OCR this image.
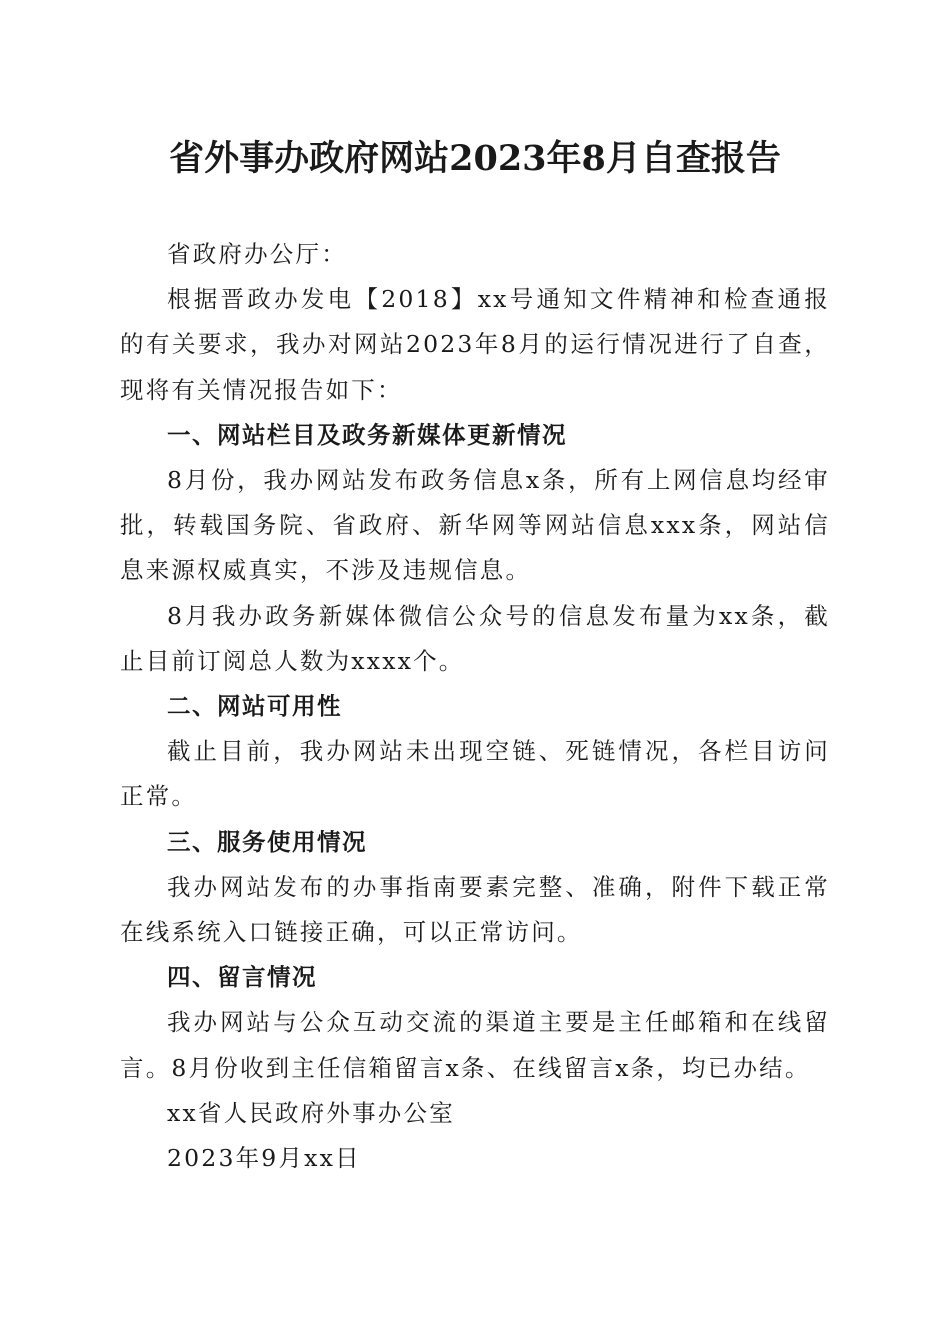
省外事办政府网站2023年8月自查报告

省政府办公厅：

根据晋政办发电【2018】xx号通知文件精神和检查通报的有关要求，我办对网站2023年8月的运行情况进行了自查，现将有关情况报告如下：

一、网站栏目及政务新媒体更新情况

8月份，我办网站发布政务信息x条，所有上网信息均经审批，转载国务院、省政府、新华网等网站信息xxx条，网站信息来源权威真实，不涉及违规信息。

8月我办政务新媒体微信公众号的信息发布量为xx条，截止目前订阅总人数为xxxx个。

二、网站可用性

截止目前，我办网站未出现空链、死链情况，各栏目访问正常。

三、服务使用情况

我办网站发布的办事指南要素完整、准确，附件下载正常在线系统入口链接正确，可以正常访问。

四、留言情况

我办网站与公众互动交流的渠道主要是主任邮箱和在线留言。8月份收到主任信箱留言x条、在线留言x条，均已办结。

xx省人民政府外事办公室

2023年9月xx日
